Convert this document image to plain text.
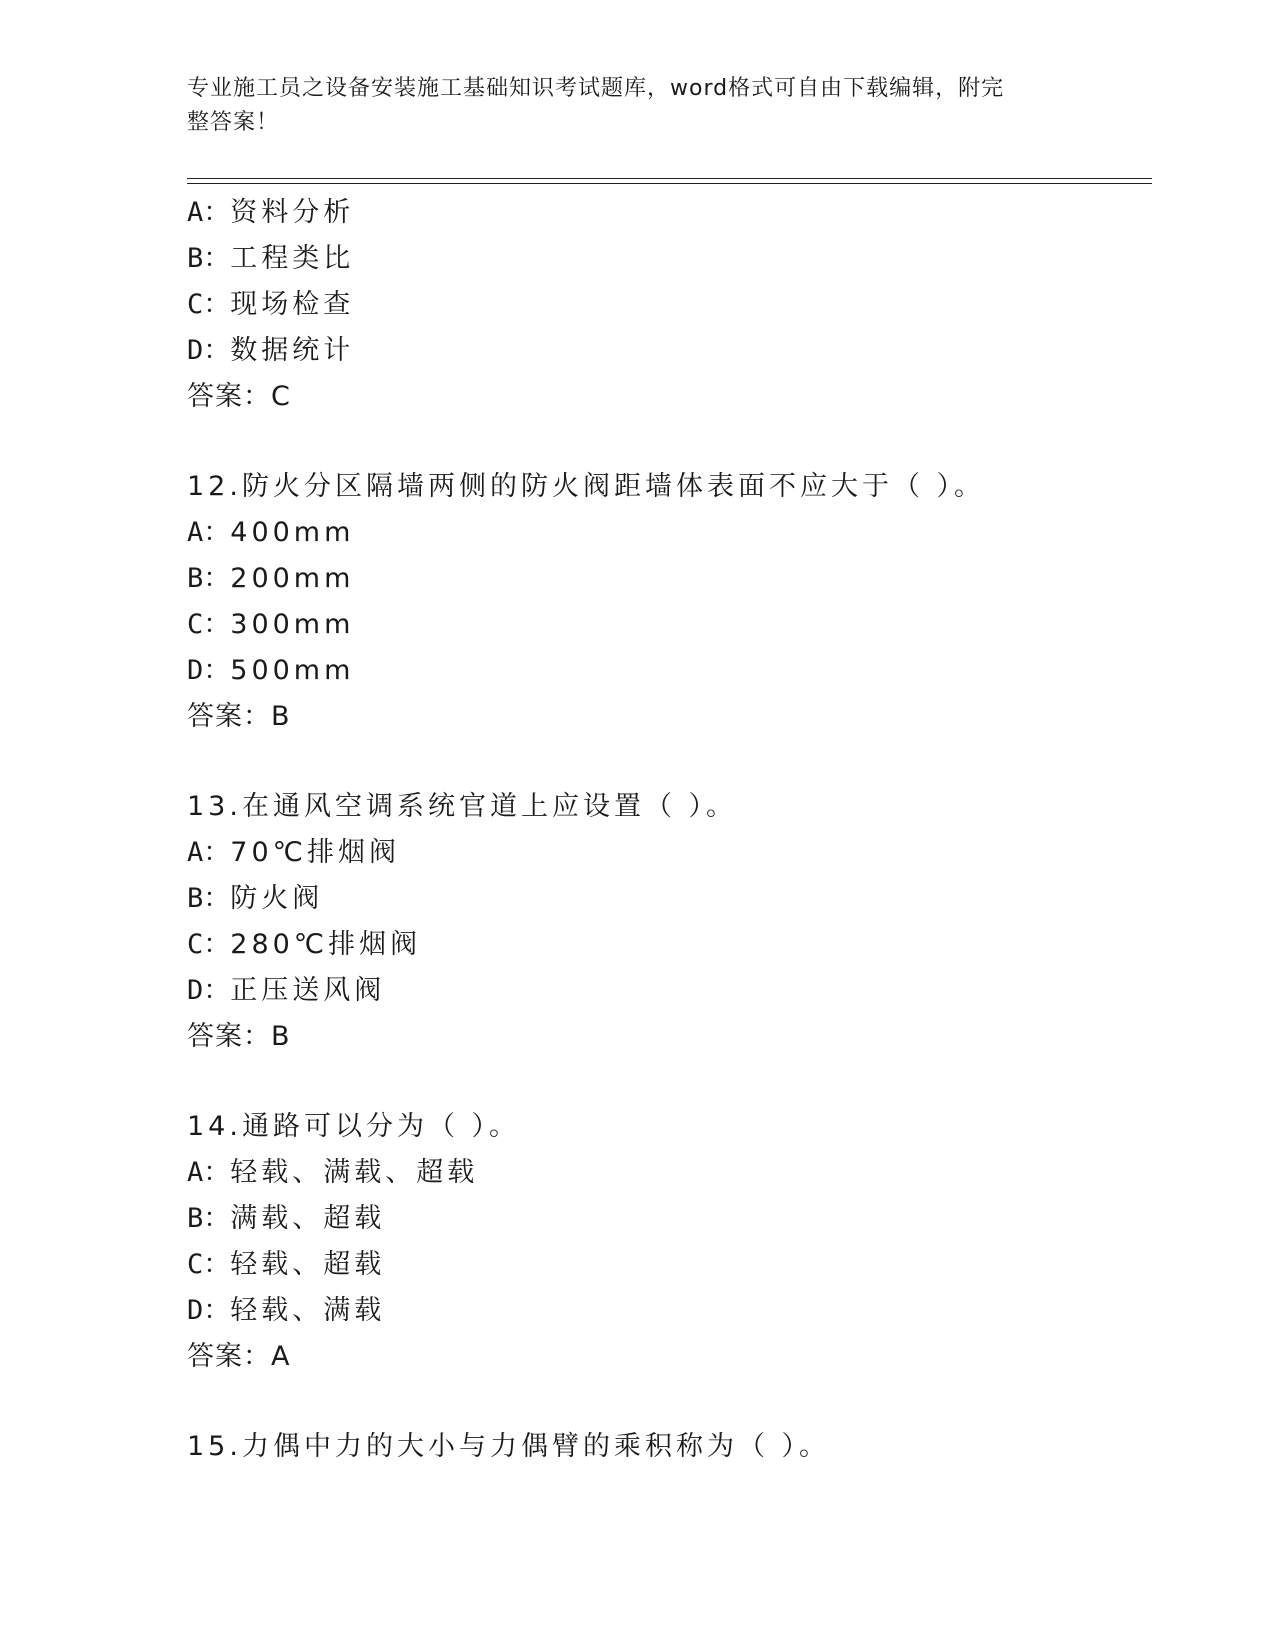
专业施工员之设备安装施工基础知识考试题库，word格式可自由下载编辑，附完
整答案！
A：资料分析
B：工程类比
C：现场检查
D：数据统计
答案：C
12.防火分区隔墙两侧的防火阀距墙体表面不应大于（ ）。
A：400mm
B：200mm
C：300mm
D：500mm
答案：B
13.在通风空调系统官道上应设置（ ）。
A：70℃排烟阀
B：防火阀
C：280℃排烟阀
D：正压送风阀
答案：B
14.通路可以分为（ ）。
A：轻载、满载、超载
B：满载、超载
C：轻载、超载
D：轻载、满载
答案：A
15.力偶中力的大小与力偶臂的乘积称为（ ）。
